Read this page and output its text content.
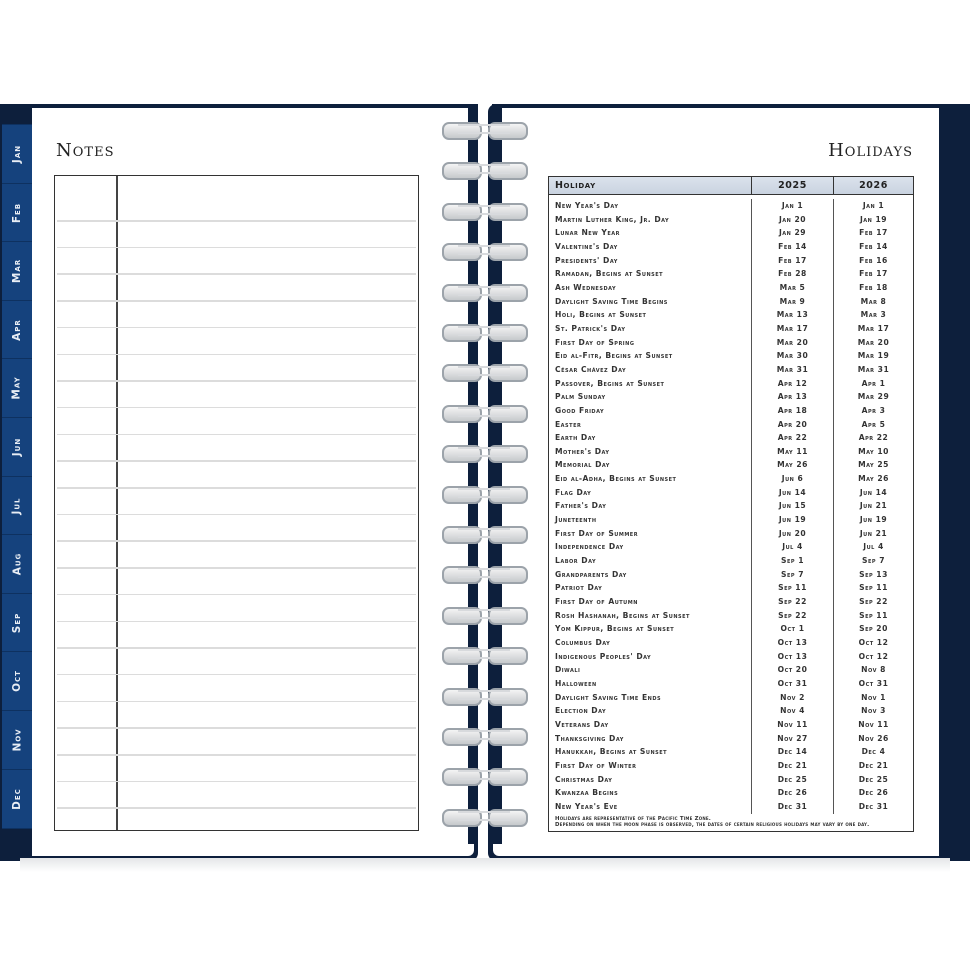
Jan
Feb
Mar
Apr
May
Jun
Jul
Aug
Sep
Oct
Nov
Dec
Notes	Holidays
Holiday	2025	2026
New Year's Day	Jan 1	Jan 1
Martin Luther King, Jr. Day	Jan 20	Jan 19
Lunar New Year	Jan 29	Feb 17
Valentine's Day	Feb 14	Feb 14
Presidents' Day	Feb 17	Feb 16
Ramadan, Begins at Sunset	Feb 28	Feb 17
Ash Wednesday	Mar 5	Feb 18
Daylight Saving Time Begins	Mar 9	Mar 8
Holi, Begins at Sunset	Mar 13	Mar 3
St. Patrick's Day	Mar 17	Mar 17
First Day of Spring	Mar 20	Mar 20
Eid al-Fitr, Begins at Sunset	Mar 30	Mar 19
César Chávez Day	Mar 31	Mar 31
Passover, Begins at Sunset	Apr 12	Apr 1
Palm Sunday	Apr 13	Mar 29
Good Friday	Apr 18	Apr 3
Easter	Apr 20	Apr 5
Earth Day	Apr 22	Apr 22
Mother's Day	May 11	May 10
Memorial Day	May 26	May 25
Eid al-Adha, Begins at Sunset	Jun 6	May 26
Flag Day	Jun 14	Jun 14
Father's Day	Jun 15	Jun 21
Juneteenth	Jun 19	Jun 19
First Day of Summer	Jun 20	Jun 21
Independence Day	Jul 4	Jul 4
Labor Day	Sep 1	Sep 7
Grandparents Day	Sep 7	Sep 13
Patriot Day	Sep 11	Sep 11
First Day of Autumn	Sep 22	Sep 22
Rosh Hashanah, Begins at Sunset	Sep 22	Sep 11
Yom Kippur, Begins at Sunset	Oct 1	Sep 20
Columbus Day	Oct 13	Oct 12
Indigenous Peoples' Day	Oct 13	Oct 12
Diwali	Oct 20	Nov 8
Halloween	Oct 31	Oct 31
Daylight Saving Time Ends	Nov 2	Nov 1
Election Day	Nov 4	Nov 3
Veterans Day	Nov 11	Nov 11
Thanksgiving Day	Nov 27	Nov 26
Hanukkah, Begins at Sunset	Dec 14	Dec 4
First Day of Winter	Dec 21	Dec 21
Christmas Day	Dec 25	Dec 25
Kwanzaa Begins	Dec 26	Dec 26
New Year's Eve	Dec 31	Dec 31
Holidays are representative of the Pacific Time Zone.
Depending on when the moon phase is observed, the dates of certain religious holidays may vary by one day.
